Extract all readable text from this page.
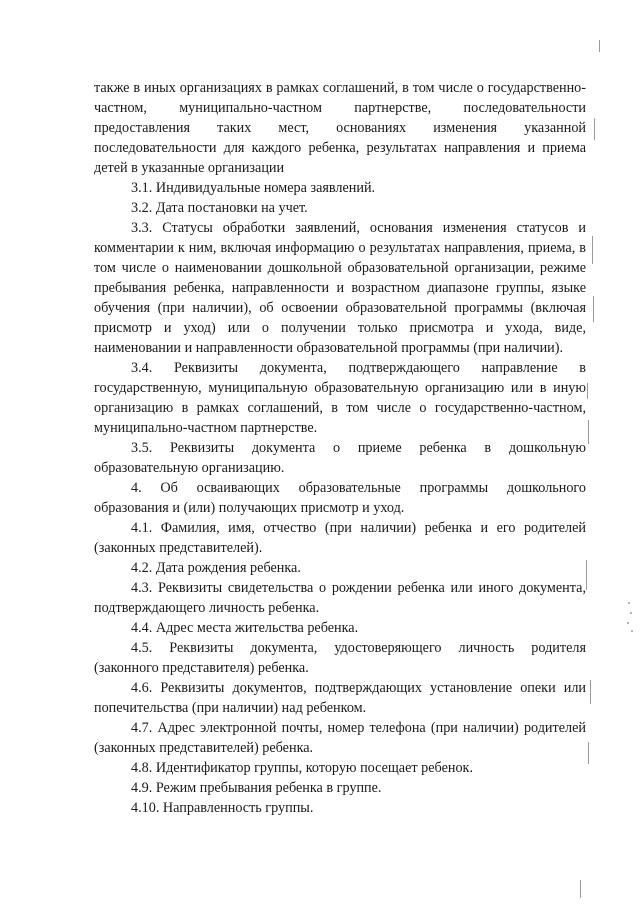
также в иных организациях в рамках соглашений, в том числе о государственно-частном, муниципально-частном партнерстве, последовательности предоставления таких мест, основаниях изменения указанной последовательности для каждого ребенка, результатах направления и приема детей в указанные организации

3.1. Индивидуальные номера заявлений.

3.2. Дата постановки на учет.

3.3. Статусы обработки заявлений, основания изменения статусов и комментарии к ним, включая информацию о результатах направления, приема, в том числе о наименовании дошкольной образовательной организации, режиме пребывания ребенка, направленности и возрастном диапазоне группы, языке обучения (при наличии), об освоении образовательной программы (включая присмотр и уход) или о получении только присмотра и ухода, виде, наименовании и направленности образовательной программы (при наличии).

3.4. Реквизиты документа, подтверждающего направление в государственную, муниципальную образовательную организацию или в иную организацию в рамках соглашений, в том числе о государственно-частном, муниципально-частном партнерстве.

3.5. Реквизиты документа о приеме ребенка в дошкольную образовательную организацию.

4. Об осваивающих образовательные программы дошкольного образования и (или) получающих присмотр и уход.

4.1. Фамилия, имя, отчество (при наличии) ребенка и его родителей (законных представителей).

4.2. Дата рождения ребенка.

4.3. Реквизиты свидетельства о рождении ребенка или иного документа, подтверждающего личность ребенка.

4.4. Адрес места жительства ребенка.

4.5. Реквизиты документа, удостоверяющего личность родителя (законного представителя) ребенка.

4.6. Реквизиты документов, подтверждающих установление опеки или попечительства (при наличии) над ребенком.

4.7. Адрес электронной почты, номер телефона (при наличии) родителей (законных представителей) ребенка.

4.8. Идентификатор группы, которую посещает ребенок.

4.9. Режим пребывания ребенка в группе.

4.10. Направленность группы.
